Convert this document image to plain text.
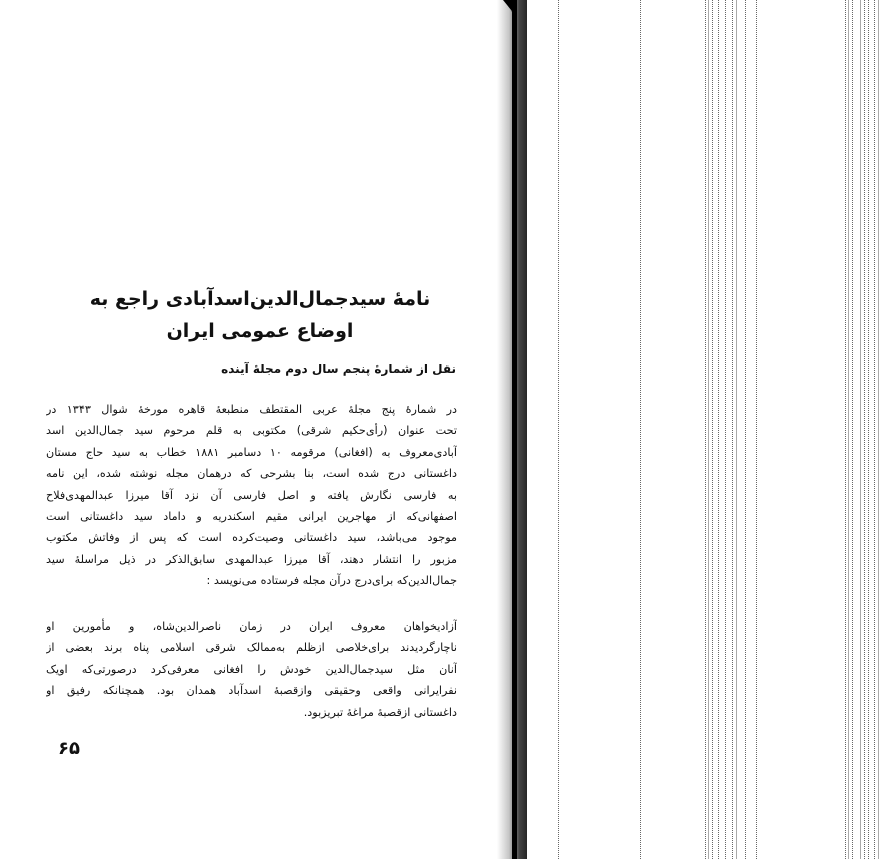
نامهٔ سیدجمال‌الدین‌اسدآبادی راجع به
اوضاع عمومی ایران

نقل از شمارهٔ پنجم سال دوم مجلهٔ آینده

در شمارهٔ پنج مجلهٔ عربی المقتطف منطبعهٔ قاهره مورخهٔ شوال ۱۳۴۳ در
تحت عنوان (رأی‌حکیم شرقی) مکتوبی به قلم مرحوم سید جمال‌الدین اسد
آبادی‌معروف به (افغانی) مرقومه ۱۰ دسامبر ۱۸۸۱ خطاب به سید حاج مستان
داغستانی درج شده است، بنا بشرحی که درهمان مجله نوشته شده، این نامه
به فارسی نگارش یافته و اصل فارسی آن نزد آقا میرزا عبدالمهدی‌فلاح
اصفهانی‌که از مهاجرین ایرانی مقیم اسکندریه و داماد سید داغستانی است
موجود می‌باشد، سید داغستانی وصیت‌کرده است که پس از وفاتش مکتوب
مزبور را انتشار دهند، آقا میرزا عبدالمهدی سابق‌الذکر در ذیل مراسلهٔ سید
جمال‌الدین‌که برای‌درج در‌آن مجله فرستاده می‌نویسد :
آزادیخواهان معروف ایران در زمان ناصرالدین‌شاه، و مأمورین او
ناچارگردیدند برای‌خلاصی ازظلم به‌ممالک شرقی اسلامی پناه برند بعضی از
آنان مثل سیدجمال‌الدین خودش را افغانی معرفی‌کرد درصورتی‌که او‌یک
نفرایرانی واقعی و‌حقیقی و‌ازقصبهٔ اسدآباد همدان بود. همچنانکه رفیق او
داغستانی ازقصبهٔ مراغهٔ تبریز‌بود.
۶۵
